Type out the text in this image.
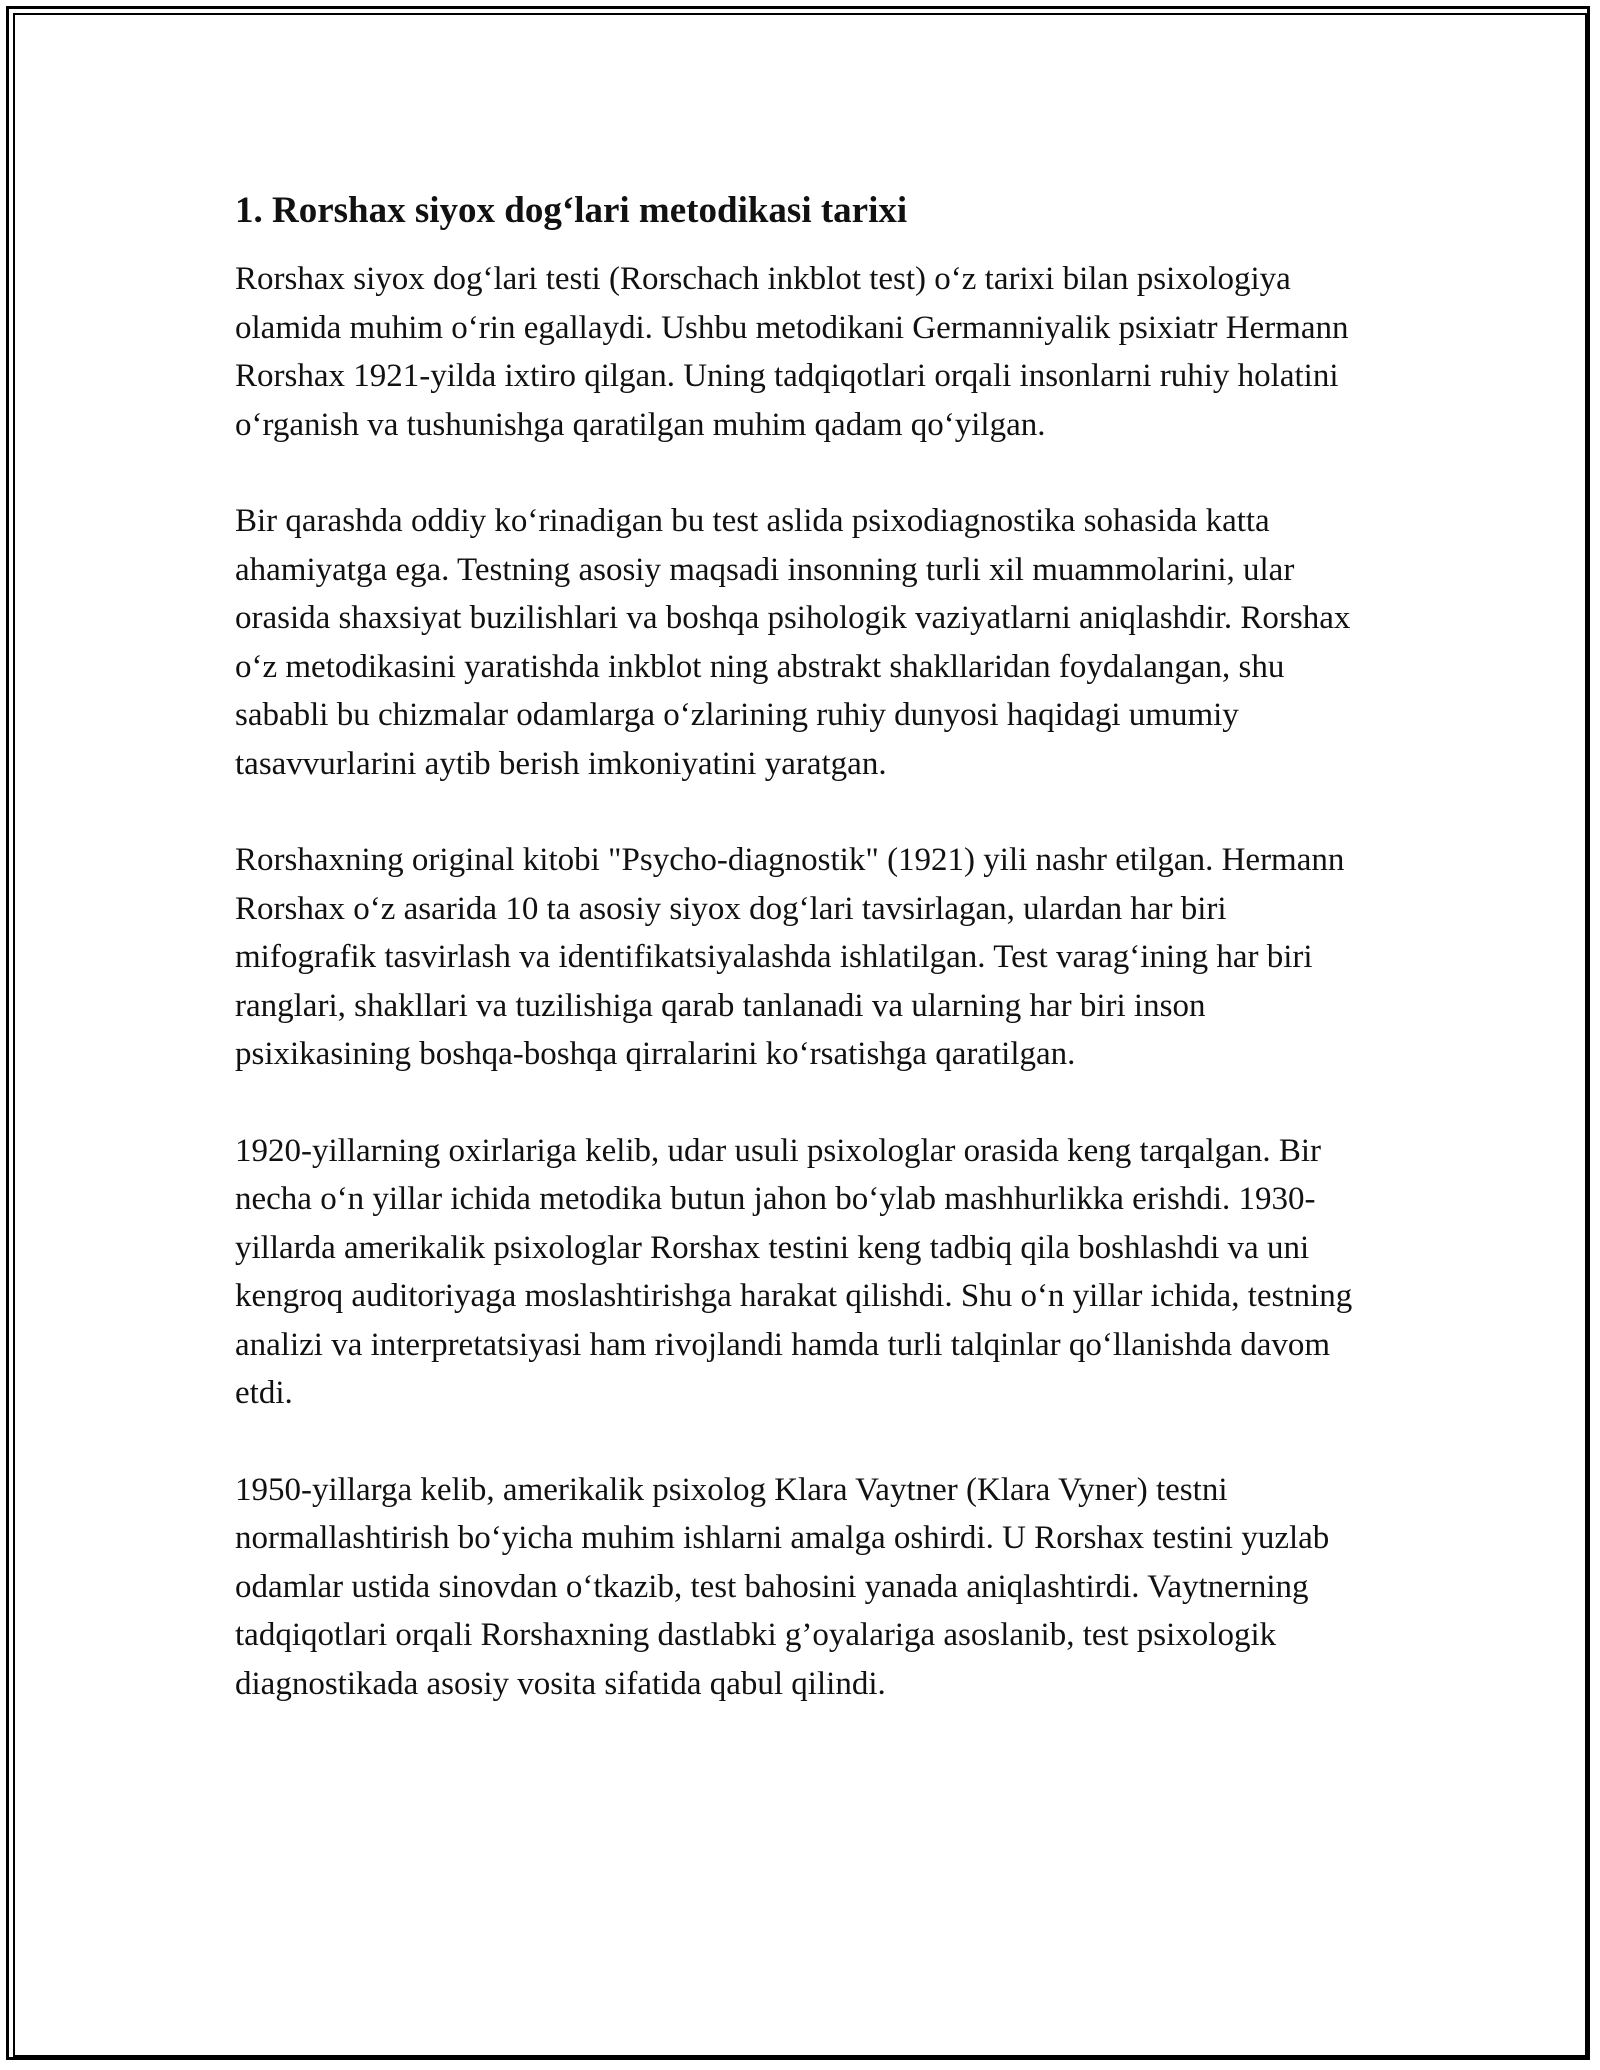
1. Rorshax siyox dog‘lari metodikasi tarixi

Rorshax siyox dog‘lari testi (Rorschach inkblot test) o‘z tarixi bilan psixologiya olamida muhim o‘rin egallaydi. Ushbu metodikani Germanniyalik psixiatr Hermann Rorshax 1921-yilda ixtiro qilgan. Uning tadqiqotlari orqali insonlarni ruhiy holatini o‘rganish va tushunishga qaratilgan muhim qadam qo‘yilgan.

Bir qarashda oddiy ko‘rinadigan bu test aslida psixodiagnostika sohasida katta ahamiyatga ega. Testning asosiy maqsadi insonning turli xil muammolarini, ular orasida shaxsiyat buzilishlari va boshqa psihologik vaziyatlarni aniqlashdir. Rorshax o‘z metodikasini yaratishda inkblot ning abstrakt shakllaridan foydalangan, shu sababli bu chizmalar odamlarga o‘zlarining ruhiy dunyosi haqidagi umumiy tasavvurlarini aytib berish imkoniyatini yaratgan.

Rorshaxning original kitobi "Psycho-diagnostik" (1921) yili nashr etilgan. Hermann Rorshax o‘z asarida 10 ta asosiy siyox dog‘lari tavsirlagan, ulardan har biri mifografik tasvirlash va identifikatsiyalashda ishlatilgan. Test varag‘ining har biri ranglari, shakllari va tuzilishiga qarab tanlanadi va ularning har biri inson psixikasining boshqa-boshqa qirralarini ko‘rsatishga qaratilgan.

1920-yillarning oxirlariga kelib, udar usuli psixologlar orasida keng tarqalgan. Bir necha o‘n yillar ichida metodika butun jahon bo‘ylab mashhurlikka erishdi. 1930-yillarda amerikalik psixologlar Rorshax testini keng tadbiq qila boshlashdi va uni kengroq auditoriyaga moslashtirishga harakat qilishdi. Shu o‘n yillar ichida, testning analizi va interpretatsiyasi ham rivojlandi hamda turli talqinlar qo‘llanishda davom etdi.

1950-yillarga kelib, amerikalik psixolog Klara Vaytner (Klara Vyner) testni normallashtirish bo‘yicha muhim ishlarni amalga oshirdi. U Rorshax testini yuzlab odamlar ustida sinovdan o‘tkazib, test bahosini yanada aniqlashtirdi. Vaytnerning tadqiqotlari orqali Rorshaxning dastlabki g’oyalariga asoslanib, test psixologik diagnostikada asosiy vosita sifatida qabul qilindi.
